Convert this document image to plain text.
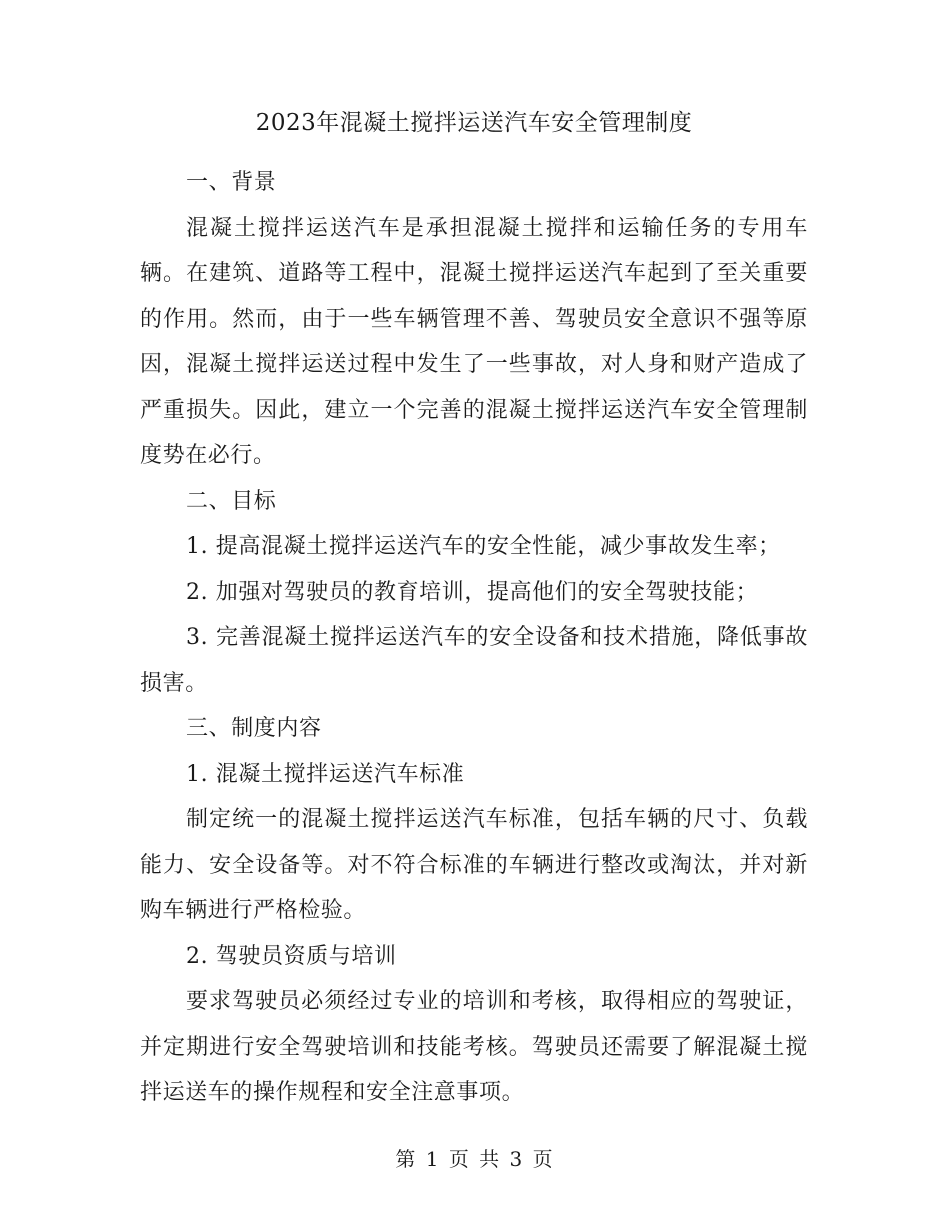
2023年混凝土搅拌运送汽车安全管理制度

一、背景

混凝土搅拌运送汽车是承担混凝土搅拌和运输任务的专用车辆。在建筑、道路等工程中，混凝土搅拌运送汽车起到了至关重要的作用。然而，由于一些车辆管理不善、驾驶员安全意识不强等原因，混凝土搅拌运送过程中发生了一些事故，对人身和财产造成了严重损失。因此，建立一个完善的混凝土搅拌运送汽车安全管理制度势在必行。

二、目标

1. 提高混凝土搅拌运送汽车的安全性能，减少事故发生率；

2. 加强对驾驶员的教育培训，提高他们的安全驾驶技能；

3. 完善混凝土搅拌运送汽车的安全设备和技术措施，降低事故损害。

三、制度内容

1. 混凝土搅拌运送汽车标准

制定统一的混凝土搅拌运送汽车标准，包括车辆的尺寸、负载能力、安全设备等。对不符合标准的车辆进行整改或淘汰，并对新购车辆进行严格检验。

2. 驾驶员资质与培训

要求驾驶员必须经过专业的培训和考核，取得相应的驾驶证，并定期进行安全驾驶培训和技能考核。驾驶员还需要了解混凝土搅拌运送车的操作规程和安全注意事项。

第 1 页 共 3 页
